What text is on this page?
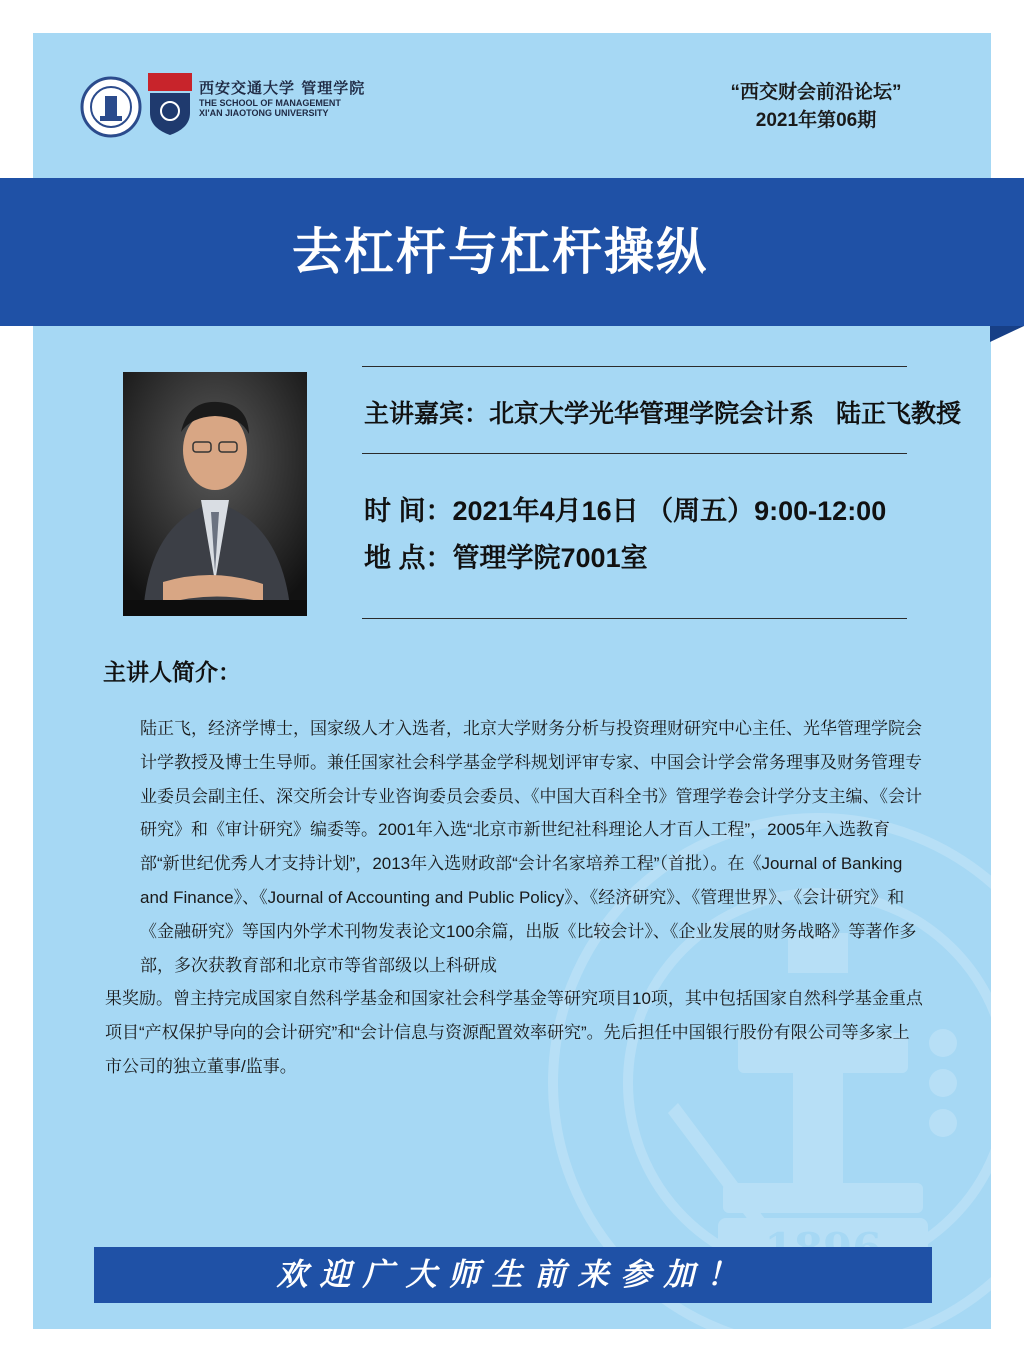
西安交通大学 管理学院
THE SCHOOL OF MANAGEMENT
XI'AN JIAOTONG UNIVERSITY
“西交财会前沿论坛”
2021年第06期
去杠杆与杠杆操纵
主讲嘉宾：北京大学光华管理学院会计系 陆正飞教授
时 间：2021年4月16日 （周五）9:00-12:00
地 点：管理学院7001室
主讲人简介：

陆正飞，经济学博士，国家级人才入选者，北京大学财务分析与投资理财研究中心主任、光华管理学院会计学教授及博士生导师。兼任国家社会科学基金学科规划评审专家、中国会计学会常务理事及财务管理专业委员会副主任、深交所会计专业咨询委员会委员、《中国大百科全书》管理学卷会计学分支主编、《会计研究》和《审计研究》编委等。2001年入选“北京市新世纪社科理论人才百人工程”，2005年入选教育部“新世纪优秀人才支持计划”，2013年入选财政部“会计名家培养工程”（首批）。在《Journal of Banking and Finance》、《Journal of Accounting and Public Policy》、《经济研究》、《管理世界》、《会计研究》和《金融研究》等国内外学术刊物发表论文100余篇，出版《比较会计》、《企业发展的财务战略》等著作多部，多次获教育部和北京市等省部级以上科研成

果奖励。曾主持完成国家自然科学基金和国家社会科学基金等研究项目10项，其中包括国家自然科学基金重点项目“产权保护导向的会计研究”和“会计信息与资源配置效率研究”。先后担任中国银行股份有限公司等多家上市公司的独立董事/监事。

欢迎广大师生前来参加！
